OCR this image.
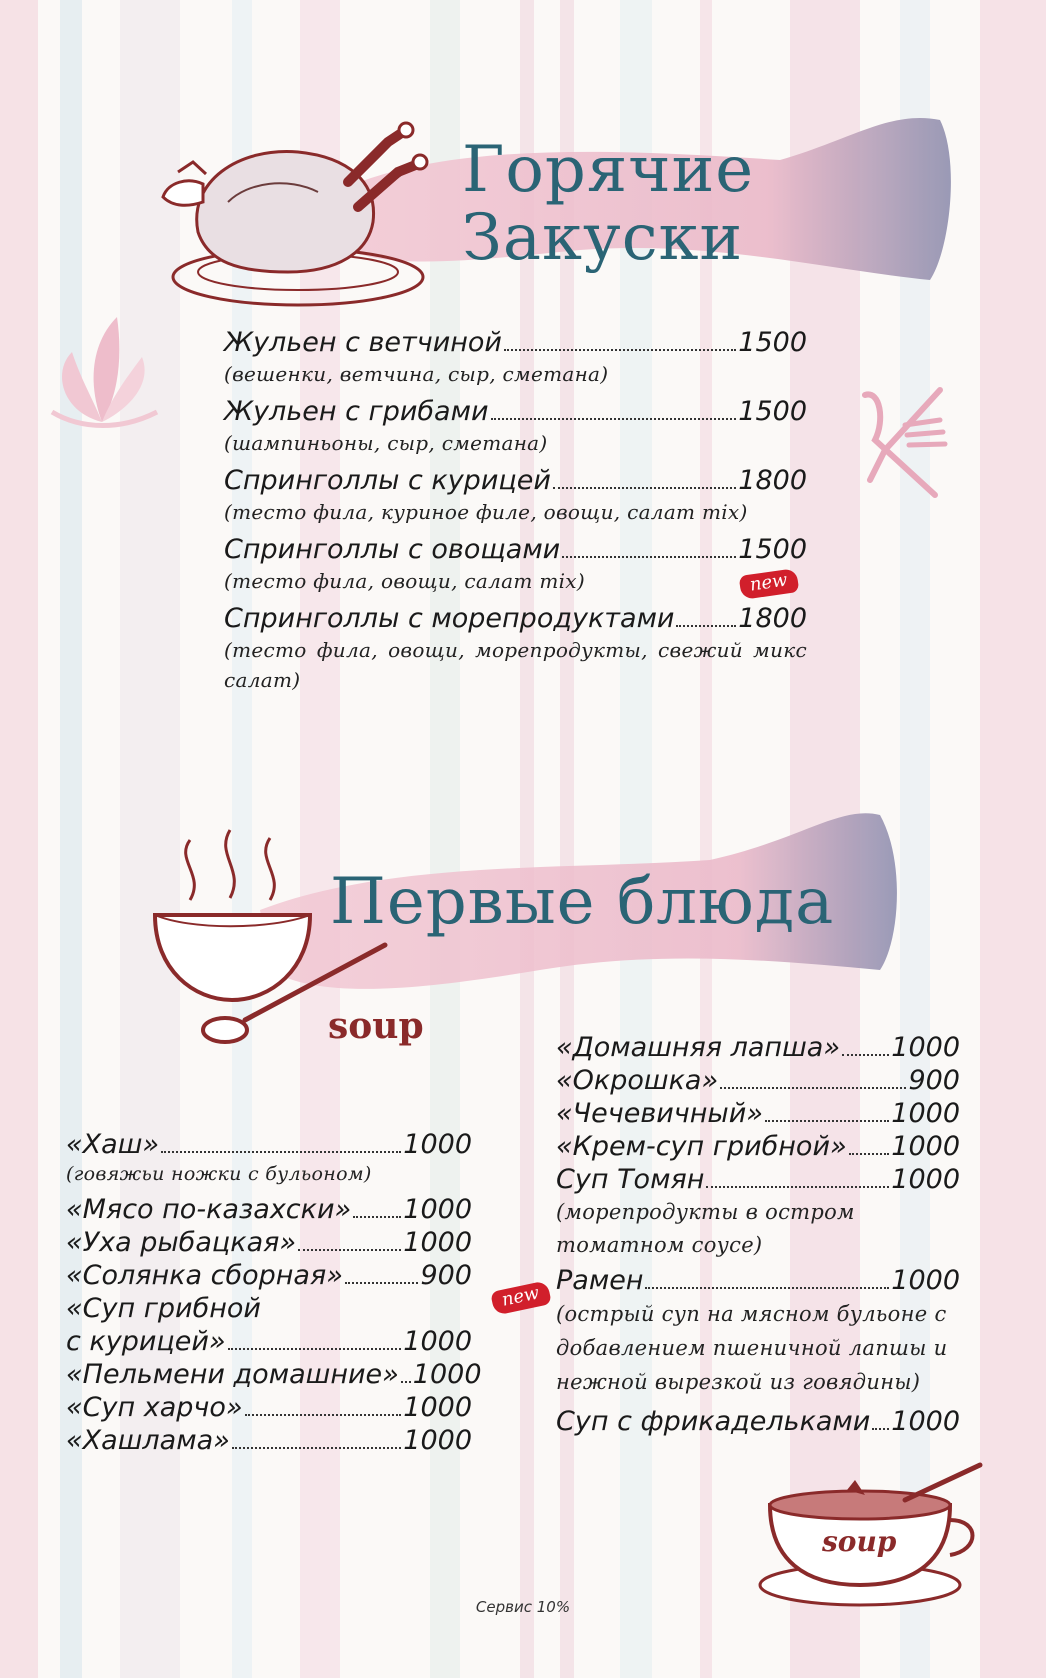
soup
soup
Горячие
Закуски
Жульен с ветчиной	1500
(вешенки, ветчина, сыр, сметана)
Жульен с грибами	1500
(шампиньоны, сыр, сметана)
Спринголлы с курицей	1800
(тесто фила, куриное филе, овощи, салат mix)
Спринголлы с овощами	1500
(тесто фила, овощи, салат mix)
Спринголлы с морепродуктами 1800
(тесто фила, овощи, морепродукты, свежий микс салат)
new
Первые блюда
«Хаш»	1000
(говяжьи ножки с бульоном)
«Мясо по-казахски» 1000
«Уха рыбацкая»	1000
«Солянка сборная»	900
«Суп грибной
с курицей»	1000
«Пельмени домашние» 1000
«Суп харчо»	1000
«Хашлама»	1000
«Домашняя лапша» 1000
«Окрошка»	900
«Чечевичный»	1000
«Крем-суп грибной» 1000
Суп Томян	1000
(морепродукты в остром томатном соусе)
Рамен	1000
(острый суп на мясном бульоне с добавлением пшеничной лапшы и нежной вырезкой из говядины)
Суп с фрикадельками 1000
new
Сервис 10%
